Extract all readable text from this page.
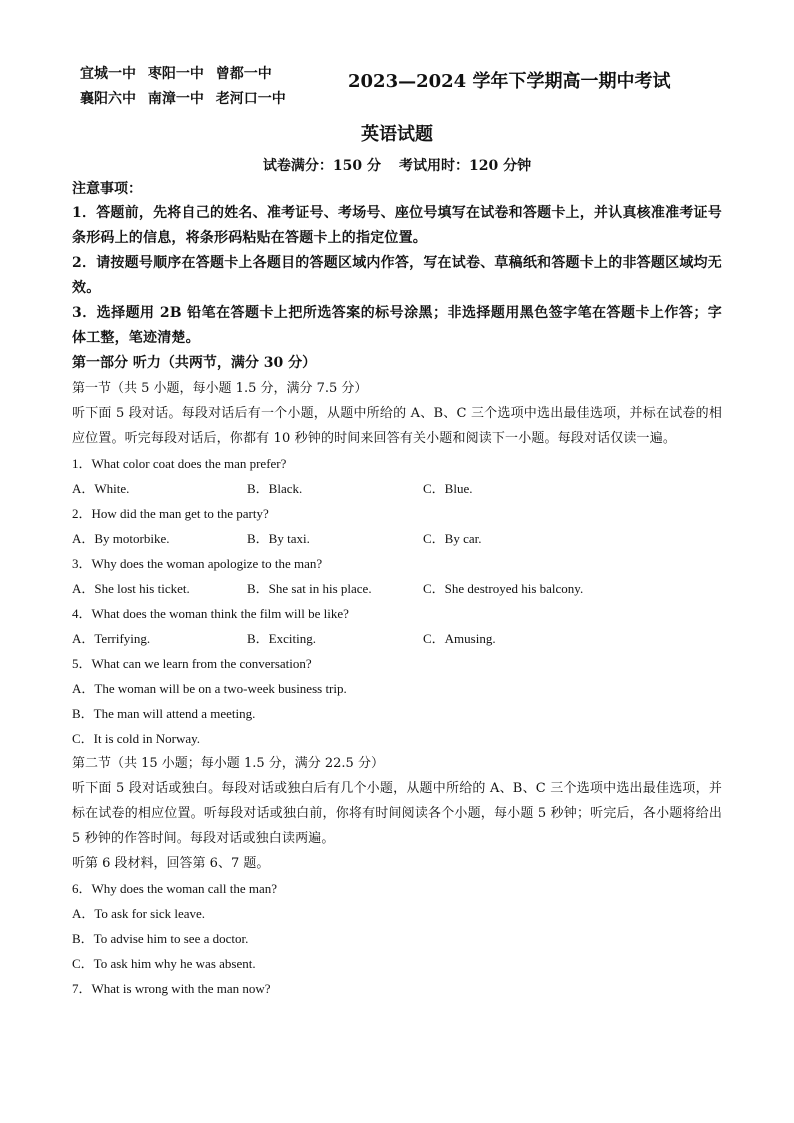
宜城一中 枣阳一中 曾都一中
襄阳六中 南漳一中 老河口一中
2023—2024 学年下学期高一期中考试
英语试题
试卷满分：150 分 考试用时：120 分钟
注意事项：
1．答题前，先将自己的姓名、准考证号、考场号、座位号填写在试卷和答题卡上，并认真核准准考证号条形码上的信息，将条形码粘贴在答题卡上的指定位置。
2．请按题号顺序在答题卡上各题目的答题区域内作答，写在试卷、草稿纸和答题卡上的非答题区域均无效。
3．选择题用 2B 铅笔在答题卡上把所选答案的标号涂黑；非选择题用黑色签字笔在答题卡上作答；字体工整，笔迹清楚。
第一部分 听力（共两节，满分 30 分）
第一节（共 5 小题，每小题 1.5 分，满分 7.5 分）
听下面 5 段对话。每段对话后有一个小题，从题中所给的 A、B、C 三个选项中选出最佳选项，并标在试卷的相应位置。听完每段对话后，你都有 10 秒钟的时间来回答有关小题和阅读下一小题。每段对话仅读一遍。
1．What color coat does the man prefer?
A．White.	B．Black.	C．Blue.
2．How did the man get to the party?
A．By motorbike.	B．By taxi.	C．By car.
3．Why does the woman apologize to the man?
A．She lost his ticket.	B．She sat in his place.	C．She destroyed his balcony.
4．What does the woman think the film will be like?
A．Terrifying.	B．Exciting.	C．Amusing.
5．What can we learn from the conversation?
A．The woman will be on a two-week business trip.
B．The man will attend a meeting.
C．It is cold in Norway.
第二节（共 15 小题；每小题 1.5 分，满分 22.5 分）
听下面 5 段对话或独白。每段对话或独白后有几个小题，从题中所给的 A、B、C 三个选项中选出最佳选项，并标在试卷的相应位置。听每段对话或独白前，你将有时间阅读各个小题，每小题 5 秒钟；听完后，各小题将给出 5 秒钟的作答时间。每段对话或独白读两遍。
听第 6 段材料，回答第 6、7 题。
6．Why does the woman call the man?
A．To ask for sick leave.
B．To advise him to see a doctor.
C．To ask him why he was absent.
7．What is wrong with the man now?
